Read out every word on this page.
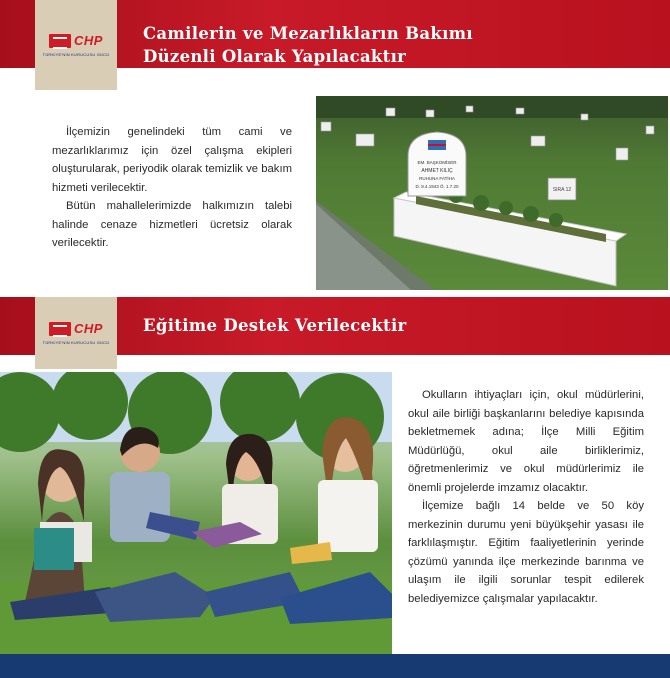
CHP
TÜRKİYE'NİN KURUCUSU GÜCÜ
Camilerin ve Mezarlıkların Bakımı
Düzenli Olarak Yapılacaktır

İlçemizin genelindeki tüm cami ve mezarlıklarımız için özel çalışma ekipleri oluşturularak, periyodik olarak temizlik ve bakım hizmeti verilecektir.

Bütün mahallelerimizde halkımızın talebi halinde cenaze hizmetleri ücretsiz olarak verilecektir.

SIRA 12
EM. BAŞKOMİSER
AHMET KILIÇ
RUHUNA FATİHA
D. 8.4.1943 Ö. 1.7.20
CHP
TÜRKİYE'NİN KURUCUSU GÜCÜ
Eğitime Destek Verilecektir

Okulların ihtiyaçları için, okul müdürlerini, okul aile birliği başkanlarını belediye kapısında bekletmemek adına; İlçe Milli Eğitim Müdürlüğü, okul aile birliklerimiz, öğretmenlerimiz ve okul müdürlerimiz ile önemli projelerde imzamız olacaktır.

İlçemize bağlı 14 belde ve 50 köy merkezinin durumu yeni büyükşehir yasası ile farklılaşmıştır. Eğitim faaliyetlerinin yerinde çözümü yanında ilçe merkezinde barınma ve ulaşım ile ilgili sorunlar tespit edilerek belediyemizce çalışmalar yapılacaktır.
